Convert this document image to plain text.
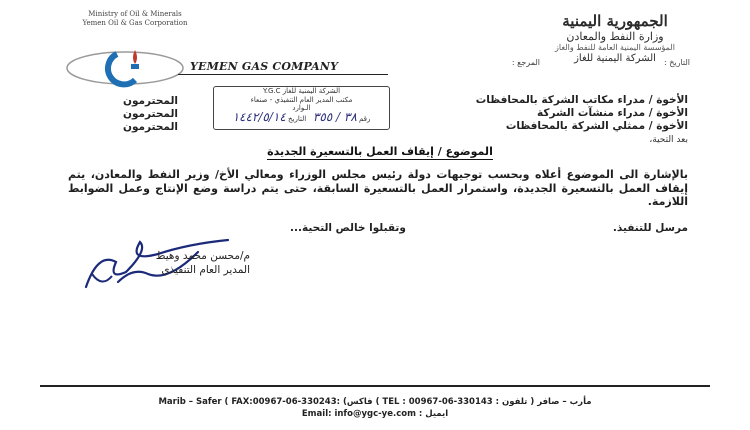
Ministry of Oil & Minerals
Yemen Oil & Gas Corporation	الجمهورية اليمنية
وزارة النفط والمعادن
المؤسسة اليمنية العامة للنفط والغاز
الشركة اليمنية للغاز
YEMEN GAS COMPANY	التاريخ :
المرجع :
الشركة اليمنية للغاز Y.G.C
مكتب المدير العام التنفيذي - صنعاء
الـوارد
رقم ٣٨ / ٣٥٥   التاريخ ١٤٤٢/٥/١٤
المحترمون
المحترمون
المحترمون
الأخوة / مدراء مكاتب الشركة بالمحافظات
الأخوة / مدراء منشآت الشركة
الأخوة / ممثلي الشركة بالمحافظات
بعد التحية،
الموضوع / إيقاف العمل بالتسعيرة الجديدة
بالإشارة الى الموضوع أعلاه وبحسب توجيهات دولة رئيس مجلس الوزراء ومعالي الأخ/ وزير النفط والمعادن، يتم إيقاف العمل بالتسعيرة الجديدة، واستمرار العمل بالتسعيرة السابقة، حتى يتم دراسة وضع الإنتاج وعمل الضوابط اللازمة.
مرسل للتنفيذ.
وتقبلوا خالص التحية...
م/محسن محمد وهيط
المدير العام التنفيذي
Marib – Safer ( FAX:00967-06-330243: (فاكس ( TEL : 00967-06-330143 : تلفون ) مأرب – صافر
Email: info@ygc-ye.com : ايميل
